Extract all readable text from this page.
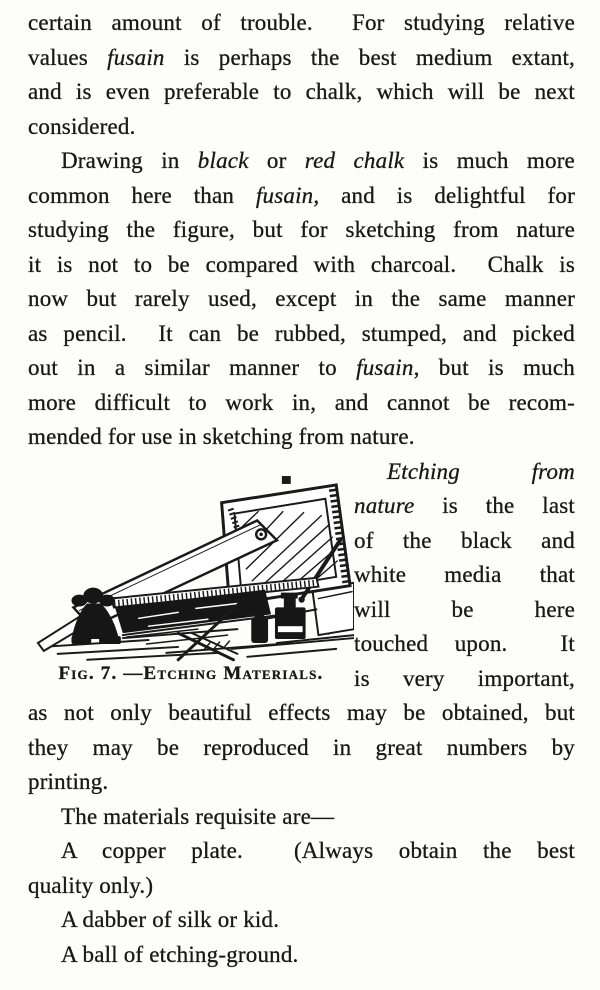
certain amount of trouble.  For studying relative
values fusain is perhaps the best medium extant,
and is even preferable to chalk, which will be next
considered.
Drawing in black or red chalk is much more
common here than fusain, and is delightful for
studying the figure, but for sketching from nature
it is not to be compared with charcoal.  Chalk is
now but rarely used, except in the same manner
as pencil.  It can be rubbed, stumped, and picked
out in a similar manner to fusain, but is much
more difficult to work in, and cannot be recom-
mended for use in sketching from nature.
Fig. 7. —Etching Materials.
Etching from
nature is the last
of the black and
white media that
will be here
touched upon.  It
is very important,
as not only beautiful effects may be obtained, but
they may be reproduced in great numbers by
printing.
The materials requisite are—
A copper plate.  (Always obtain the best
quality only.)
A dabber of silk or kid.
A ball of etching-ground.
